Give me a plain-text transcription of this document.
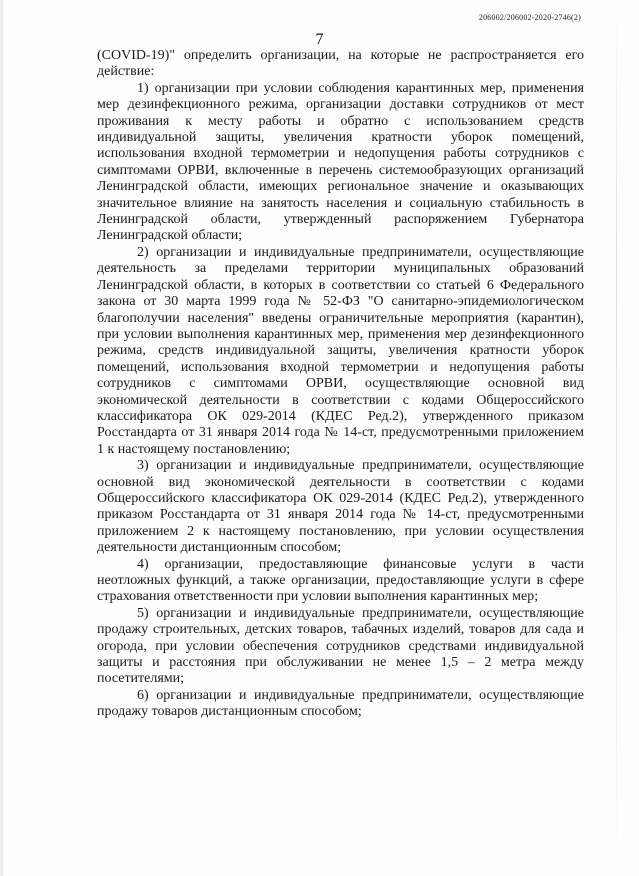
206002/206002-2020-2746(2)
7

(COVID-19)" определить организации, на которые не распространяется его действие:

1) организации при условии соблюдения карантинных мер, применения мер дезинфекционного режима, организации доставки сотрудников от мест проживания к месту работы и обратно с использованием средств индивидуальной защиты, увеличения кратности уборок помещений, использования входной термометрии и недопущения работы сотрудников с симптомами ОРВИ, включенные в перечень системообразующих организаций Ленинградской области, имеющих региональное значение и оказывающих значительное влияние на занятость населения и социальную стабильность в Ленинградской области, утвержденный распоряжением Губернатора Ленинградской области;

2) организации и индивидуальные предприниматели, осуществляющие деятельность за пределами территории муниципальных образований Ленинградской области, в которых в соответствии со статьей 6 Федерального закона от 30 марта 1999 года № 52-ФЗ "О санитарно-эпидемиологическом благополучии населения" введены ограничительные мероприятия (карантин), при условии выполнения карантинных мер, применения мер дезинфекционного режима, средств индивидуальной защиты, увеличения кратности уборок помещений, использования входной термометрии и недопущения работы сотрудников с симптомами ОРВИ, осуществляющие основной вид экономической деятельности в соответствии с кодами Общероссийского классификатора ОК 029-2014 (КДЕС Ред.2), утвержденного приказом Росстандарта от 31 января 2014 года № 14-ст, предусмотренными приложением 1 к настоящему постановлению;

3) организации и индивидуальные предприниматели, осуществляющие основной вид экономической деятельности в соответствии с кодами Общероссийского классификатора ОК 029-2014 (КДЕС Ред.2), утвержденного приказом Росстандарта от 31 января 2014 года № 14-ст, предусмотренными приложением 2 к настоящему постановлению, при условии осуществления деятельности дистанционным способом;

4) организации, предоставляющие финансовые услуги в части неотложных функций, а также организации, предоставляющие услуги в сфере страхования ответственности при условии выполнения карантинных мер;

5) организации и индивидуальные предприниматели, осуществляющие продажу строительных, детских товаров, табачных изделий, товаров для сада и огорода, при условии обеспечения сотрудников средствами индивидуальной защиты и расстояния при обслуживании не менее 1,5 – 2 метра между посетителями;

6) организации и индивидуальные предприниматели, осуществляющие продажу товаров дистанционным способом;
